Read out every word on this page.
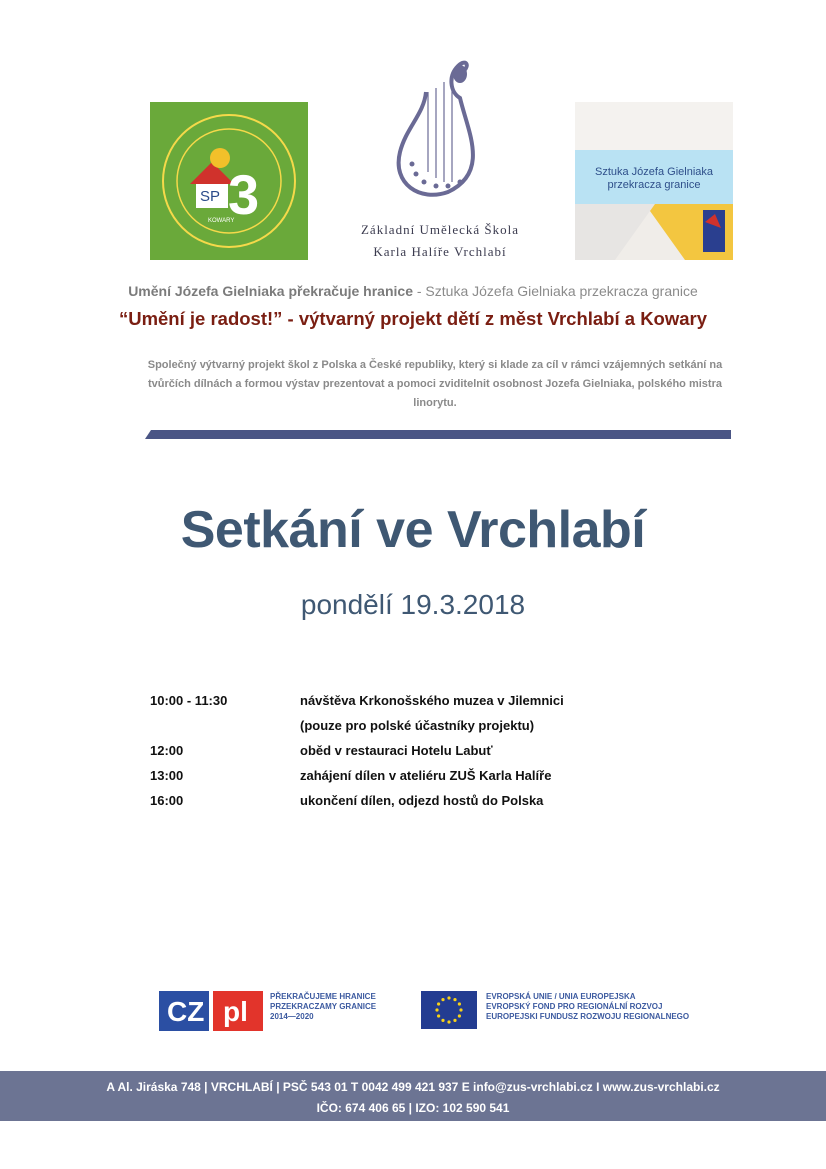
SP 3
KOWARY
Základní Umělecká Škola
Karla Halíře Vrchlabí
Sztuka Józefa Gielniaka
przekracza granice
Umění Józefa Gielniaka překračuje hranice - Sztuka Józefa Gielniaka przekracza granice
“Umění je radost!” - výtvarný projekt dětí z měst Vrchlabí a Kowary
Společný výtvarný projekt škol z Polska a České republiky, který si klade za cíl v rámci vzájemných setkání na tvůrčích dílnách a formou výstav prezentovat a pomoci zviditelnit osobnost Jozefa Gielniaka, polského mistra linorytu.
Setkání ve Vrchlabí
pondělí 19.3.2018
10:00 - 11:30	návštěva Krkonošského muzea v Jilemnici
(pouze pro polské účastníky projektu)
12:00	oběd v restauraci Hotelu Labuť
13:00	zahájení dílen v ateliéru ZUŠ Karla Halíře
16:00	ukončení dílen, odjezd hostů do Polska
CZ pl	PŘEKRAČUJEME HRANICE
PRZEKRACZAMY GRANICE
2014—2020
EVROPSKÁ UNIE / UNIA EUROPEJSKA
EVROPSKÝ FOND PRO REGIONÁLNÍ ROZVOJ
EUROPEJSKI FUNDUSZ ROZWOJU REGIONALNEGO
A Al. Jiráska 748 | VRCHLABÍ | PSČ 543 01 T 0042 499 421 937 E info@zus-vrchlabi.cz I www.zus-vrchlabi.cz
IČO: 674 406 65 | IZO: 102 590 541
